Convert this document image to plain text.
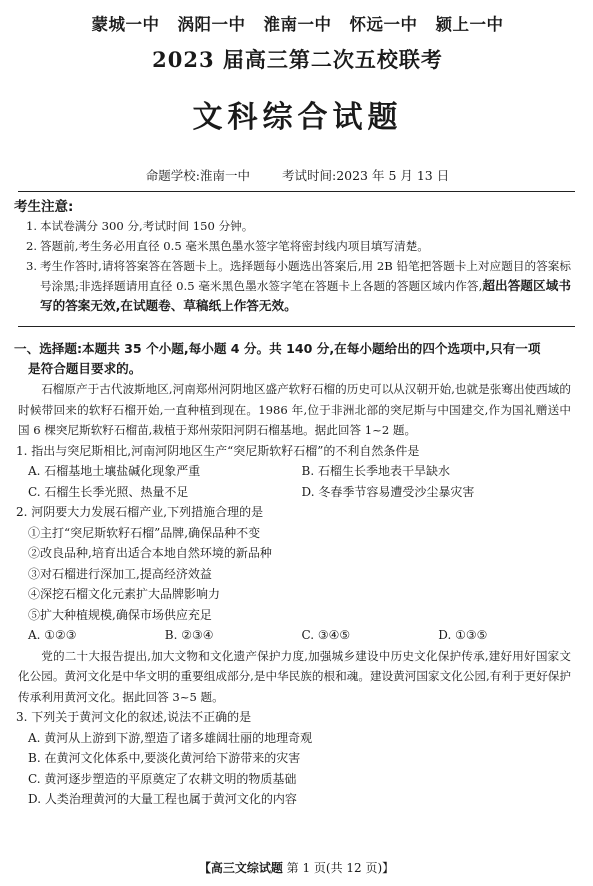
蒙城一中 涡阳一中 淮南一中 怀远一中 颍上一中
2023 届高三第二次五校联考
文科综合试题
命题学校:淮南一中	考试时间:2023 年 5 月 13 日
考生注意:
1. 本试卷满分 300 分,考试时间 150 分钟。
2. 答题前,考生务必用直径 0.5 毫米黑色墨水签字笔将密封线内项目填写清楚。
3. 考生作答时,请将答案答在答题卡上。选择题每小题选出答案后,用 2B 铅笔把答题卡上对应题目的答案标号涂黑;非选择题请用直径 0.5 毫米黑色墨水签字笔在答题卡上各题的答题区域内作答,超出答题区域书写的答案无效,在试题卷、草稿纸上作答无效。
一、选择题:本题共 35 个小题,每小题 4 分。共 140 分,在每小题给出的四个选项中,只有一项
是符合题目要求的。
石榴原产于古代波斯地区,河南郑州河阴地区盛产软籽石榴的历史可以从汉朝开始,也就是张骞出使西域的时候带回来的软籽石榴开始,一直种植到现在。1986 年,位于非洲北部的突尼斯与中国建交,作为国礼赠送中国 6 棵突尼斯软籽石榴苗,栽植于郑州荥阳河阴石榴基地。据此回答 1~2 题。
1. 指出与突尼斯相比,河南河阴地区生产“突尼斯软籽石榴”的不利自然条件是
A. 石榴基地土壤盐碱化现象严重	B. 石榴生长季地表干旱缺水
C. 石榴生长季光照、热量不足	D. 冬春季节容易遭受沙尘暴灾害
2. 河阴要大力发展石榴产业,下列措施合理的是
①主打“突尼斯软籽石榴”品牌,确保品种不变
②改良品种,培育出适合本地自然环境的新品种
③对石榴进行深加工,提高经济效益
④深挖石榴文化元素扩大品牌影响力
⑤扩大种植规模,确保市场供应充足
A. ①②③	B. ②③④	C. ③④⑤	D. ①③⑤
党的二十大报告提出,加大文物和文化遗产保护力度,加强城乡建设中历史文化保护传承,建好用好国家文化公园。黄河文化是中华文明的重要组成部分,是中华民族的根和魂。建设黄河国家文化公园,有利于更好保护传承利用黄河文化。据此回答 3~5 题。
3. 下列关于黄河文化的叙述,说法不正确的是
A. 黄河从上游到下游,塑造了诸多雄阔壮丽的地理奇观
B. 在黄河文化体系中,要淡化黄河给下游带来的灾害
C. 黄河逐步塑造的平原奠定了农耕文明的物质基础
D. 人类治理黄河的大量工程也属于黄河文化的内容
【高三文综试题 第 1 页(共 12 页)】
